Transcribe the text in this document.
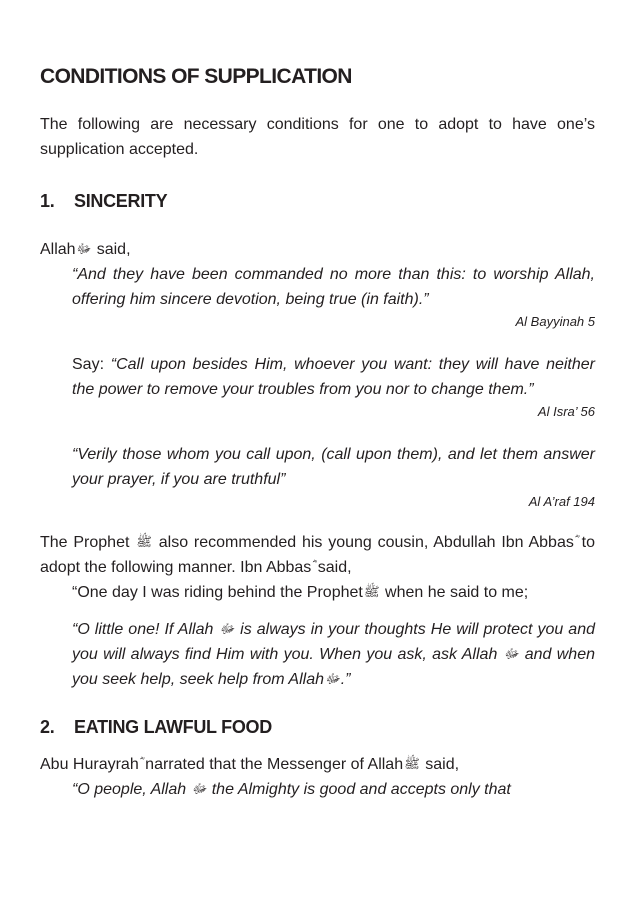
CONDITIONS OF SUPPLICATION

The following are necessary conditions for one to adopt to have one’s supplication accepted.

1. SINCERITY

Allahﷻ said,

“And they have been commanded no more than this: to worship Allah, offering him sincere devotion, being true (in faith).”

Al Bayyinah 5

Say: “Call upon besides Him, whoever you want: they will have neither the power to remove your troubles from you nor to change them.”

Al Isra’ 56

“Verily those whom you call upon, (call upon them), and let them answer your prayer, if you are truthful”

Al A’raf 194

The Prophet ﷺ also recommended his young cousin, Abdullah Ibn Abbas to adopt the following manner. Ibn Abbas said,

“One day I was riding behind the Prophetﷺ when he said to me;

“O little one! If Allah ﷻ is always in your thoughts He will protect you and you will always find Him with you. When you ask, ask Allah ﷻ and when you seek help, seek help from Allahﷻ.”

2. EATING LAWFUL FOOD

Abu Hurayrah narrated that the Messenger of Allahﷺ said,

“O people, Allah ﷻ the Almighty is good and accepts only that
